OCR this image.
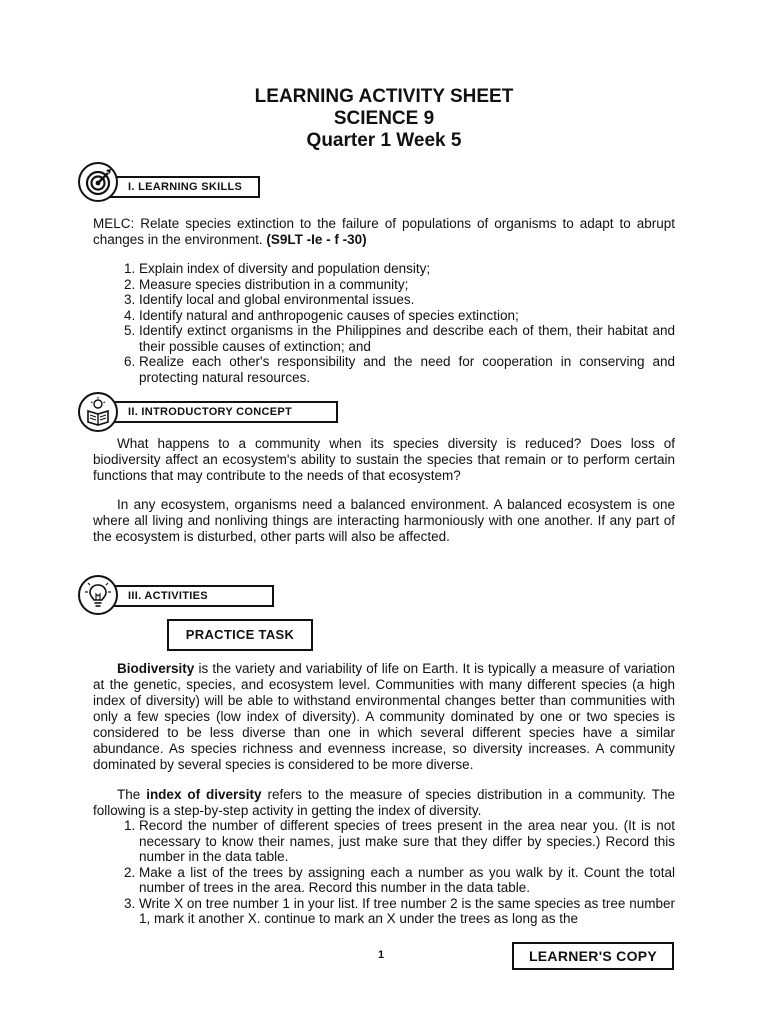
LEARNING ACTIVITY SHEET
SCIENCE 9
Quarter 1 Week 5
I. LEARNING SKILLS
MELC: Relate species extinction to the failure of populations of organisms to adapt to abrupt changes in the environment. (S9LT -Ie - f -30)
1. Explain index of diversity and population density;
2. Measure species distribution in a community;
3. Identify local and global environmental issues.
4. Identify natural and anthropogenic causes of species extinction;
5. Identify extinct organisms in the Philippines and describe each of them, their habitat and their possible causes of extinction; and
6. Realize each other's responsibility and the need for cooperation in conserving and protecting natural resources.
II. INTRODUCTORY CONCEPT
What happens to a community when its species diversity is reduced? Does loss of biodiversity affect an ecosystem's ability to sustain the species that remain or to perform certain functions that may contribute to the needs of that ecosystem?
In any ecosystem, organisms need a balanced environment. A balanced ecosystem is one where all living and nonliving things are interacting harmoniously with one another. If any part of the ecosystem is disturbed, other parts will also be affected.
III. ACTIVITIES
PRACTICE TASK
Biodiversity is the variety and variability of life on Earth. It is typically a measure of variation at the genetic, species, and ecosystem level. Communities with many different species (a high index of diversity) will be able to withstand environmental changes better than communities with only a few species (low index of diversity). A community dominated by one or two species is considered to be less diverse than one in which several different species have a similar abundance. As species richness and evenness increase, so diversity increases. A community dominated by several species is considered to be more diverse.
The index of diversity refers to the measure of species distribution in a community. The following is a step-by-step activity in getting the index of diversity.
1. Record the number of different species of trees present in the area near you. (It is not necessary to know their names, just make sure that they differ by species.) Record this number in the data table.
2. Make a list of the trees by assigning each a number as you walk by it. Count the total number of trees in the area. Record this number in the data table.
3. Write X on tree number 1 in your list. If tree number 2 is the same species as tree number 1, mark it another X. continue to mark an X under the trees as long as the
1	LEARNER'S COPY
